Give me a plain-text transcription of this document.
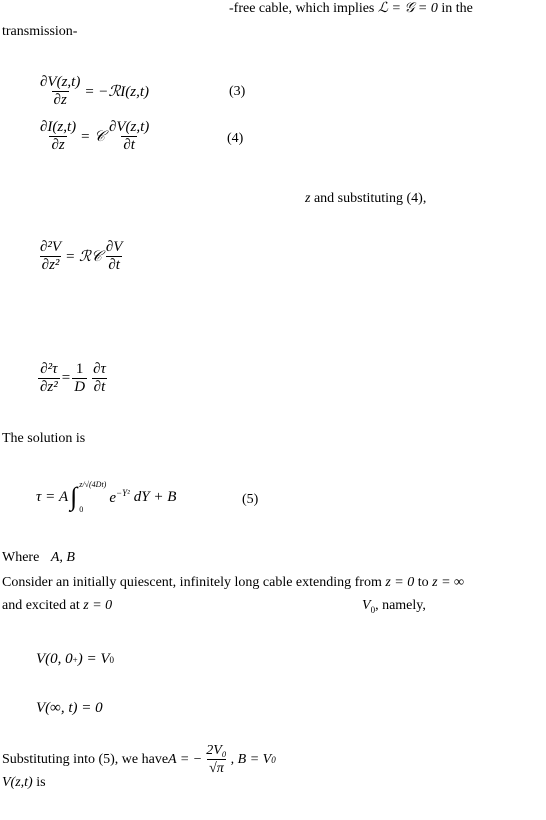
-free cable, which implies ℒ = 𝒢 = 0 in the
transmission-
$\frac{\partial V(z,t)}{\partial z}$ = −ℛI(z,t)	(3)
$\frac{\partial I(z,t)}{\partial z}$ = 𝒞 $\frac{\partial V(z,t)}{\partial t}$	(4)
z and substituting (4),
$\frac{\text{∂²V}}{\text{∂z²}}$ = ℛ𝒞 $\frac{\partial V}{\partial t}$
$\frac{\text{∂²τ}}{\text{∂z²}} = \frac{1}{D} \frac{\partial\tau}{\partial t}$
The solution is
τ = A ∫ z/√(4Dt)
0
$e^{-Y^2}$ dY + B	(5)
Where A, B
Consider an initially quiescent, infinitely long cable extending from z = 0 to z = ∞
and excited at z = 0	$V_0$, namely,
V(0, 0 + ) = V 0
V(∞, t) = 0
Substituting into (5), we have A = − $\frac{\text{2V₀}}{√\pi}$ , B = V 0
V(z,t) is
